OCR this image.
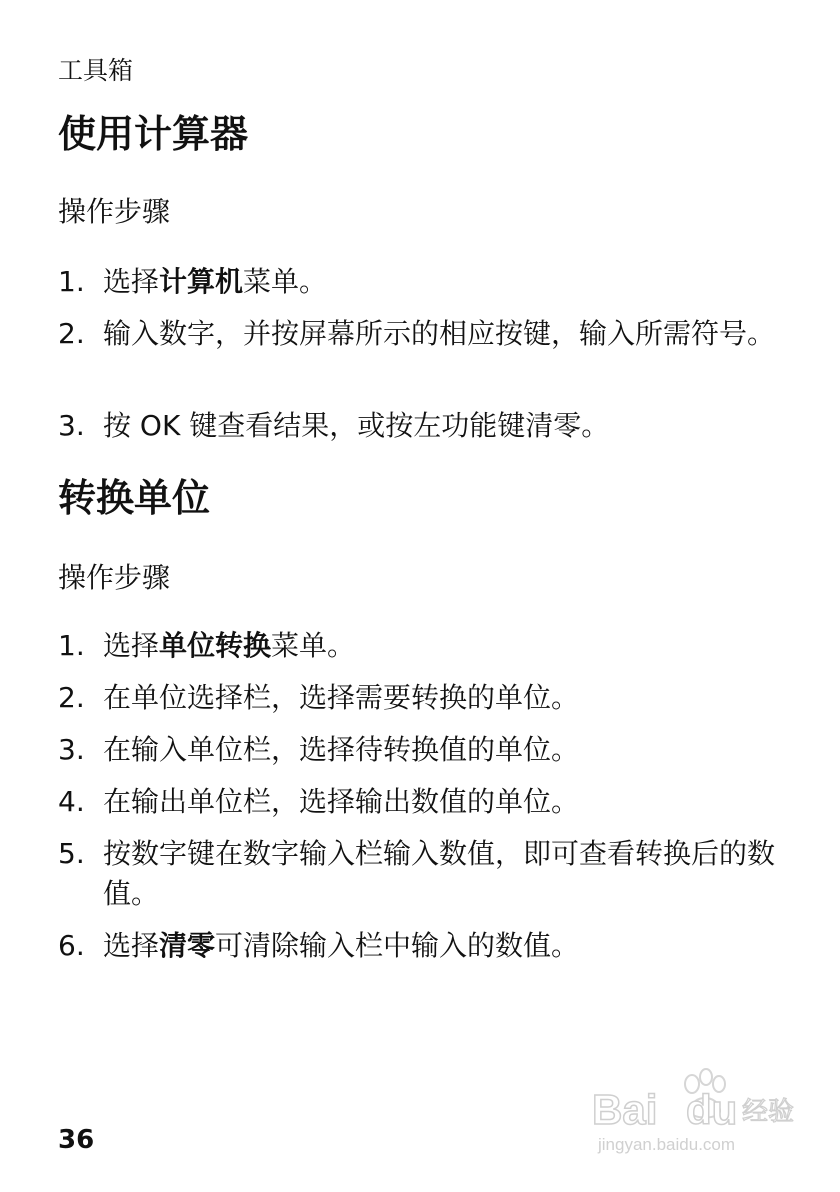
工具箱
使用计算器
操作步骤
1. 选择计算机菜单。
2. 输入数字，并按屏幕所示的相应按键，输入所需符号。
3. 按 OK 键查看结果，或按左功能键清零。
转换单位
操作步骤
1. 选择单位转换菜单。
2. 在单位选择栏，选择需要转换的单位。
3. 在输入单位栏，选择待转换值的单位。
4. 在输出单位栏，选择输出数值的单位。
5. 按数字键在数字输入栏输入数值，即可查看转换后的数值。
6. 选择清零可清除输入栏中输入的数值。
36
Bai du 经验
jingyan.baidu.com
